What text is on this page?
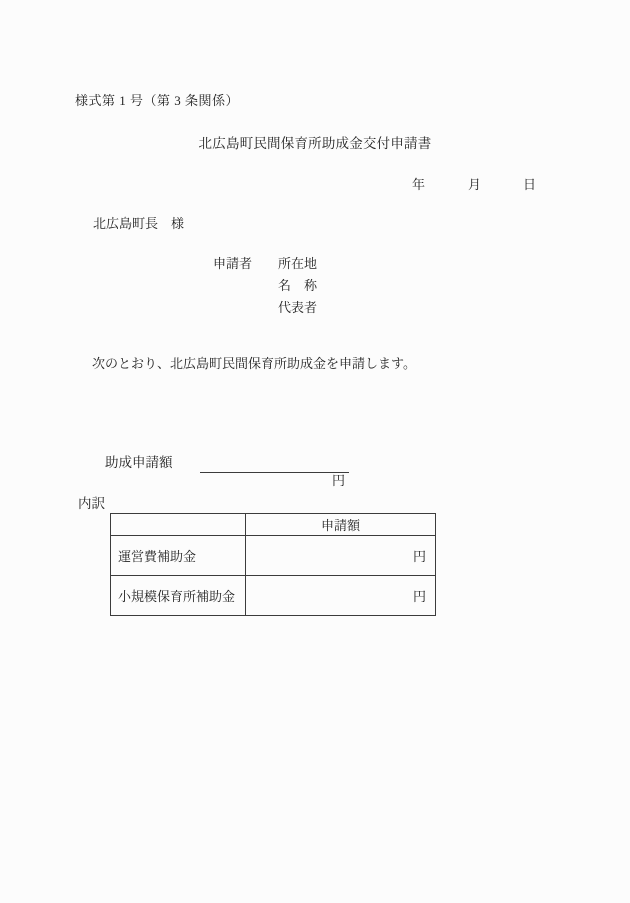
様式第 1 号（第 3 条関係）
北広島町民間保育所助成金交付申請書
年	月	日
北広島町長　様
申請者 所在地
名　称
代表者
次のとおり、北広島町民間保育所助成金を申請します。
助成申請額

円

内訳
	申請額
運営費補助金	円
小規模保育所補助金	円
